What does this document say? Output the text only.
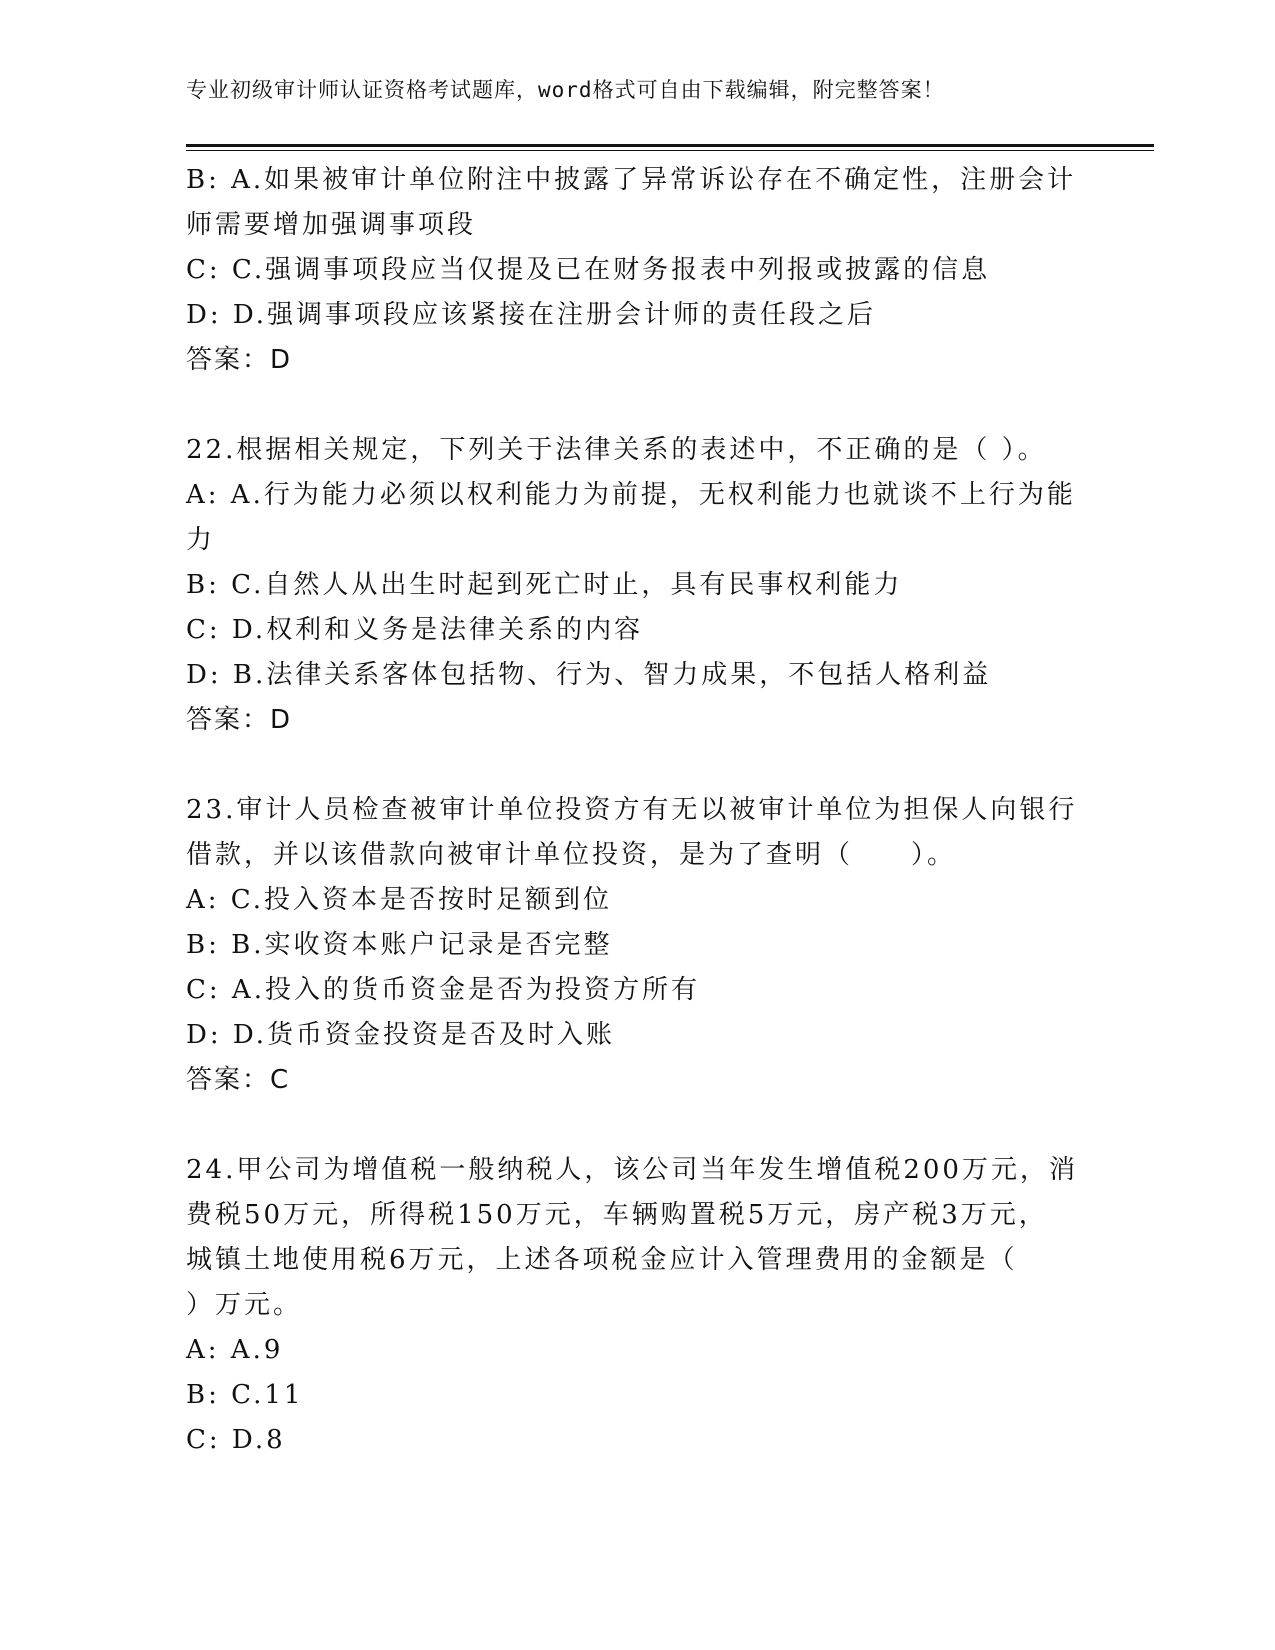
专业初级审计师认证资格考试题库，word格式可自由下载编辑，附完整答案！
B: A.如果被审计单位附注中披露了异常诉讼存在不确定性，注册会计
师需要增加强调事项段
C: C.强调事项段应当仅提及已在财务报表中列报或披露的信息
D: D.强调事项段应该紧接在注册会计师的责任段之后
答案：D
22.根据相关规定，下列关于法律关系的表述中，不正确的是（ ）。
A: A.行为能力必须以权利能力为前提，无权利能力也就谈不上行为能
力
B: C.自然人从出生时起到死亡时止，具有民事权利能力
C: D.权利和义务是法律关系的内容
D: B.法律关系客体包括物、行为、智力成果，不包括人格利益
答案：D
23.审计人员检查被审计单位投资方有无以被审计单位为担保人向银行
借款，并以该借款向被审计单位投资，是为了查明（　　）。
A: C.投入资本是否按时足额到位
B: B.实收资本账户记录是否完整
C: A.投入的货币资金是否为投资方所有
D: D.货币资金投资是否及时入账
答案：C
24.甲公司为增值税一般纳税人，该公司当年发生增值税200万元，消
费税50万元，所得税150万元，车辆购置税5万元，房产税3万元，
城镇土地使用税6万元，上述各项税金应计入管理费用的金额是（
）万元。
A: A.9
B: C.11
C: D.8
